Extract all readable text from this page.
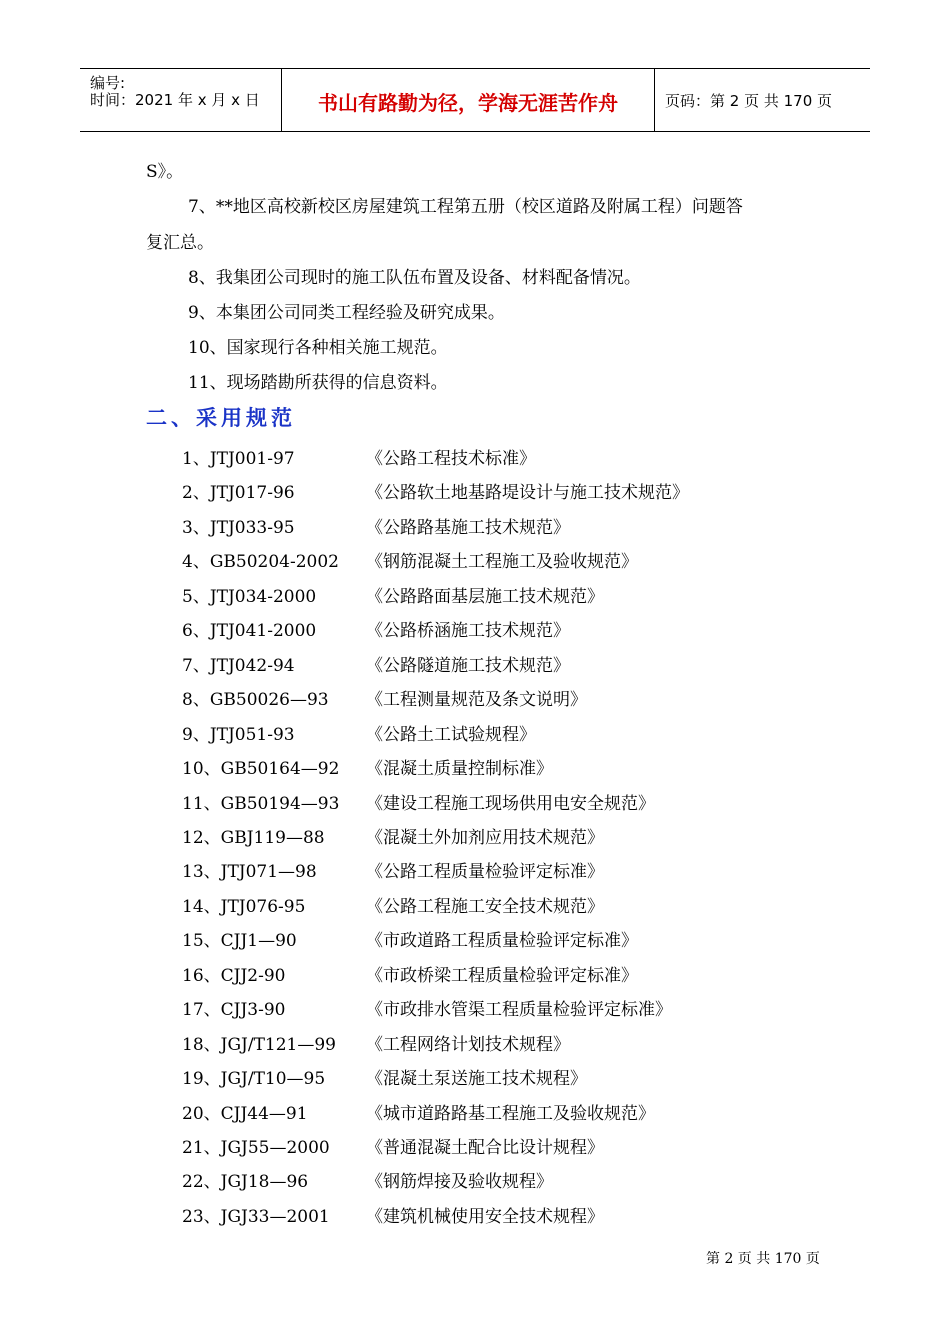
编号:
时间：2021 年 x 月 x 日	书山有路勤为径，学海无涯苦作舟	页码：第 2 页 共 170 页
S》。
7、**地区高校新校区房屋建筑工程第五册（校区道路及附属工程）问题答
复汇总。
8、我集团公司现时的施工队伍布置及设备、材料配备情况。
9、本集团公司同类工程经验及研究成果。
10、国家现行各种相关施工规范。
11、现场踏勘所获得的信息资料。
二、采用规范
1、JTJ001-97	《公路工程技术标准》
2、JTJ017-96	《公路软土地基路堤设计与施工技术规范》
3、JTJ033-95	《公路路基施工技术规范》
4、GB50204-2002 《钢筋混凝土工程施工及验收规范》
5、JTJ034-2000	《公路路面基层施工技术规范》
6、JTJ041-2000	《公路桥涵施工技术规范》
7、JTJ042-94	《公路隧道施工技术规范》
8、GB50026—93 《工程测量规范及条文说明》
9、JTJ051-93	《公路土工试验规程》
10、GB50164—92 《混凝土质量控制标准》
11、GB50194—93 《建设工程施工现场供用电安全规范》
12、GBJ119—88 《混凝土外加剂应用技术规范》
13、JTJ071—98	《公路工程质量检验评定标准》
14、JTJ076-95	《公路工程施工安全技术规范》
15、CJJ1—90	《市政道路工程质量检验评定标准》
16、CJJ2-90	《市政桥梁工程质量检验评定标准》
17、CJJ3-90	《市政排水管渠工程质量检验评定标准》
18、JGJ/T121—99 《工程网络计划技术规程》
19、JGJ/T10—95 《混凝土泵送施工技术规程》
20、CJJ44—91	《城市道路路基工程施工及验收规范》
21、JGJ55—2000 《普通混凝土配合比设计规程》
22、JGJ18—96	《钢筋焊接及验收规程》
23、JGJ33—2001 《建筑机械使用安全技术规程》
第 2 页 共 170 页
